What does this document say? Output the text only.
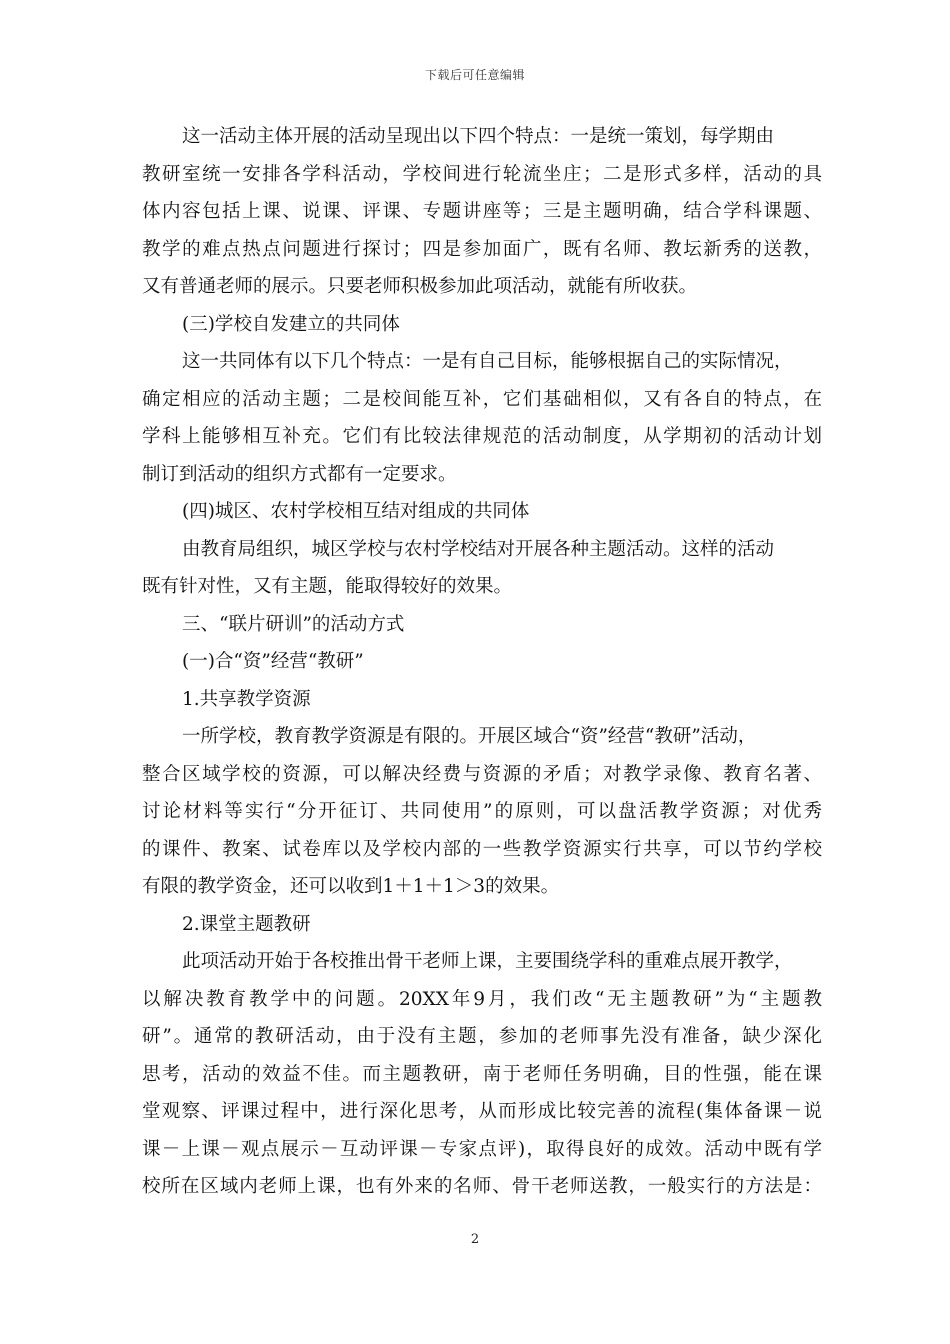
下载后可任意编辑
这一活动主体开展的活动呈现出以下四个特点：一是统一策划，每学期由
教研室统一安排各学科活动，学校间进行轮流坐庄；二是形式多样，活动的具
体内容包括上课、说课、评课、专题讲座等；三是主题明确，结合学科课题、
教学的难点热点问题进行探讨；四是参加面广，既有名师、教坛新秀的送教，
又有普通老师的展示。只要老师积极参加此项活动，就能有所收获。
(三)学校自发建立的共同体
这一共同体有以下几个特点：一是有自己目标，能够根据自己的实际情况，
确定相应的活动主题；二是校间能互补，它们基础相似，又有各自的特点，在
学科上能够相互补充。它们有比较法律规范的活动制度，从学期初的活动计划
制订到活动的组织方式都有一定要求。
(四)城区、农村学校相互结对组成的共同体
由教育局组织，城区学校与农村学校结对开展各种主题活动。这样的活动
既有针对性，又有主题，能取得较好的效果。
三、“联片研训”的活动方式
(一)合“资”经营“教研”
1.共享教学资源
一所学校，教育教学资源是有限的。开展区域合“资”经营“教研”活动，
整合区域学校的资源，可以解决经费与资源的矛盾；对教学录像、教育名著、
讨论材料等实行“分开征订、共同使用”的原则，可以盘活教学资源；对优秀
的课件、教案、试卷库以及学校内部的一些教学资源实行共享，可以节约学校
有限的教学资金，还可以收到1＋1＋1＞3的效果。
2.课堂主题教研
此项活动开始于各校推出骨干老师上课，主要围绕学科的重难点展开教学，
以解决教育教学中的问题。20XX年9月，我们改“无主题教研”为“主题教
研”。通常的教研活动，由于没有主题，参加的老师事先没有准备，缺少深化
思考，活动的效益不佳。而主题教研，南于老师任务明确，目的性强，能在课
堂观察、评课过程中，进行深化思考，从而形成比较完善的流程(集体备课－说
课－上课－观点展示－互动评课－专家点评)，取得良好的成效。活动中既有学
校所在区域内老师上课，也有外来的名师、骨干老师送教，一般实行的方法是：
2
